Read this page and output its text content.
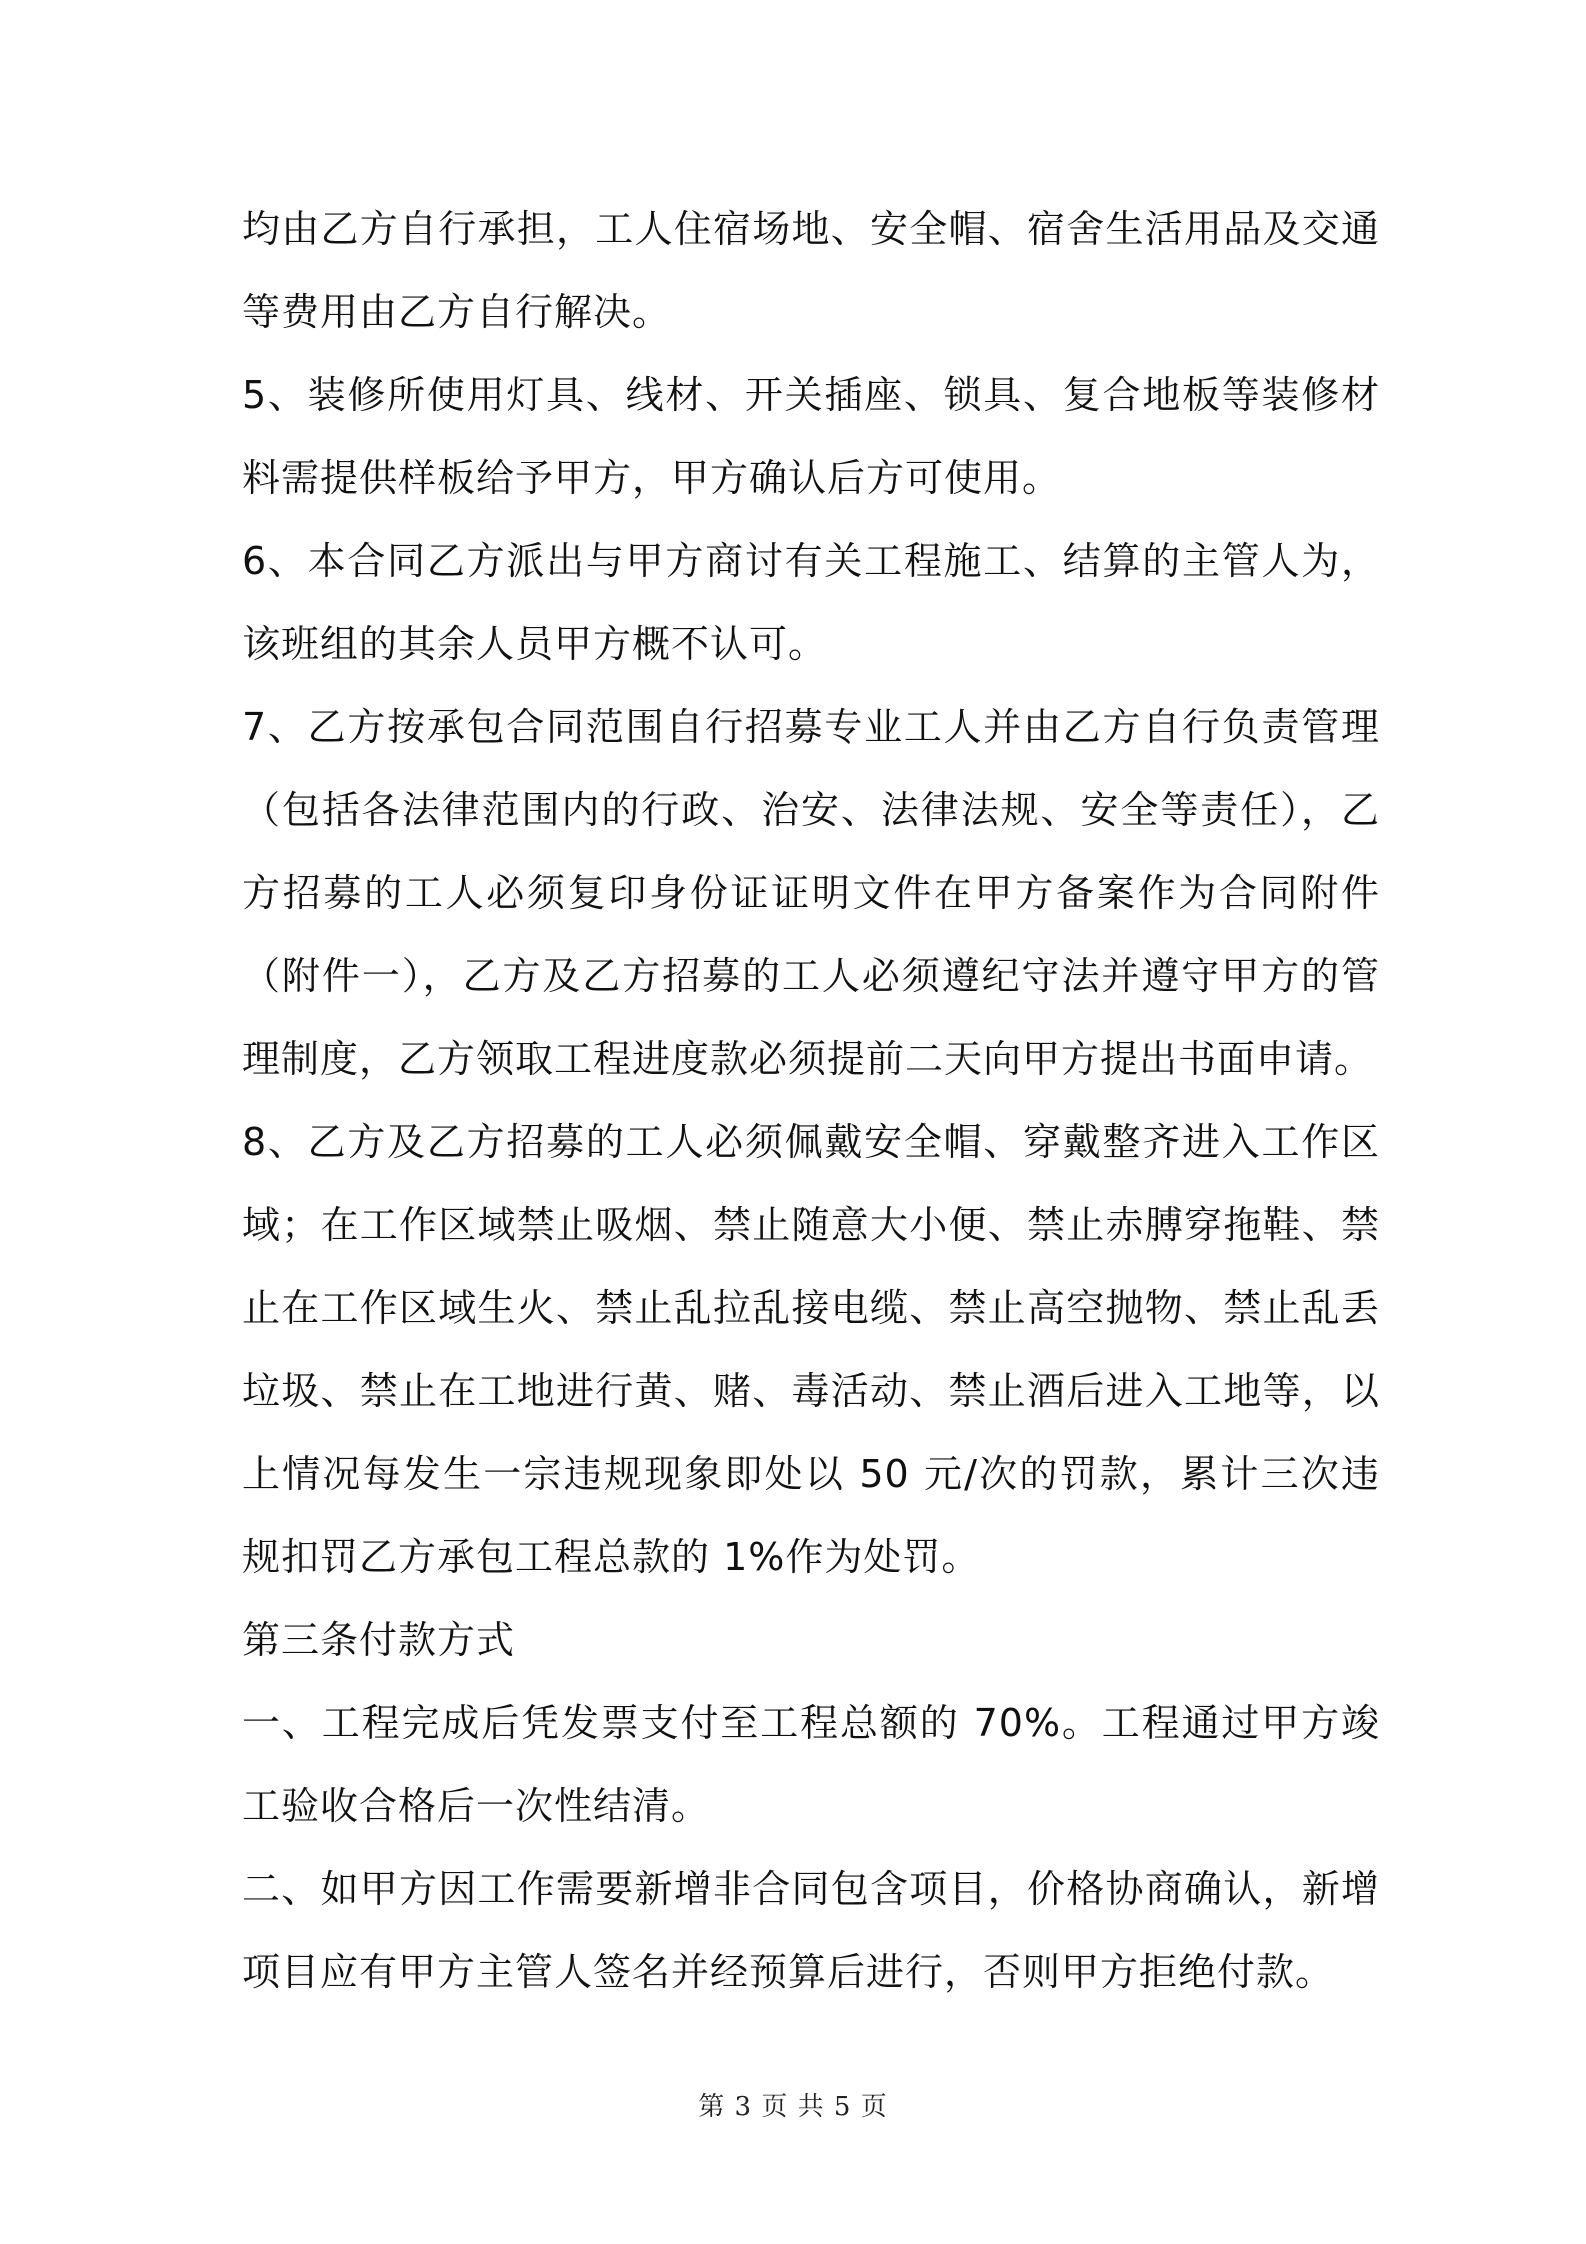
均由乙方自行承担，工人住宿场地、安全帽、宿舍生活用品及交通等费用由乙方自行解决。

5、装修所使用灯具、线材、开关插座、锁具、复合地板等装修材料需提供样板给予甲方，甲方确认后方可使用。

6、本合同乙方派出与甲方商讨有关工程施工、结算的主管人为，该班组的其余人员甲方概不认可。

7、乙方按承包合同范围自行招募专业工人并由乙方自行负责管理（包括各法律范围内的行政、治安、法律法规、安全等责任），乙方招募的工人必须复印身份证证明文件在甲方备案作为合同附件（附件一），乙方及乙方招募的工人必须遵纪守法并遵守甲方的管理制度，乙方领取工程进度款必须提前二天向甲方提出书面申请。

8、乙方及乙方招募的工人必须佩戴安全帽、穿戴整齐进入工作区域；在工作区域禁止吸烟、禁止随意大小便、禁止赤膊穿拖鞋、禁止在工作区域生火、禁止乱拉乱接电缆、禁止高空抛物、禁止乱丢垃圾、禁止在工地进行黄、赌、毒活动、禁止酒后进入工地等，以上情况每发生一宗违规现象即处以 50 元/次的罚款，累计三次违规扣罚乙方承包工程总款的 1%作为处罚。

第三条付款方式

一、工程完成后凭发票支付至工程总额的 70%。工程通过甲方竣工验收合格后一次性结清。

二、如甲方因工作需要新增非合同包含项目，价格协商确认，新增项目应有甲方主管人签名并经预算后进行，否则甲方拒绝付款。

第 3 页 共 5 页
